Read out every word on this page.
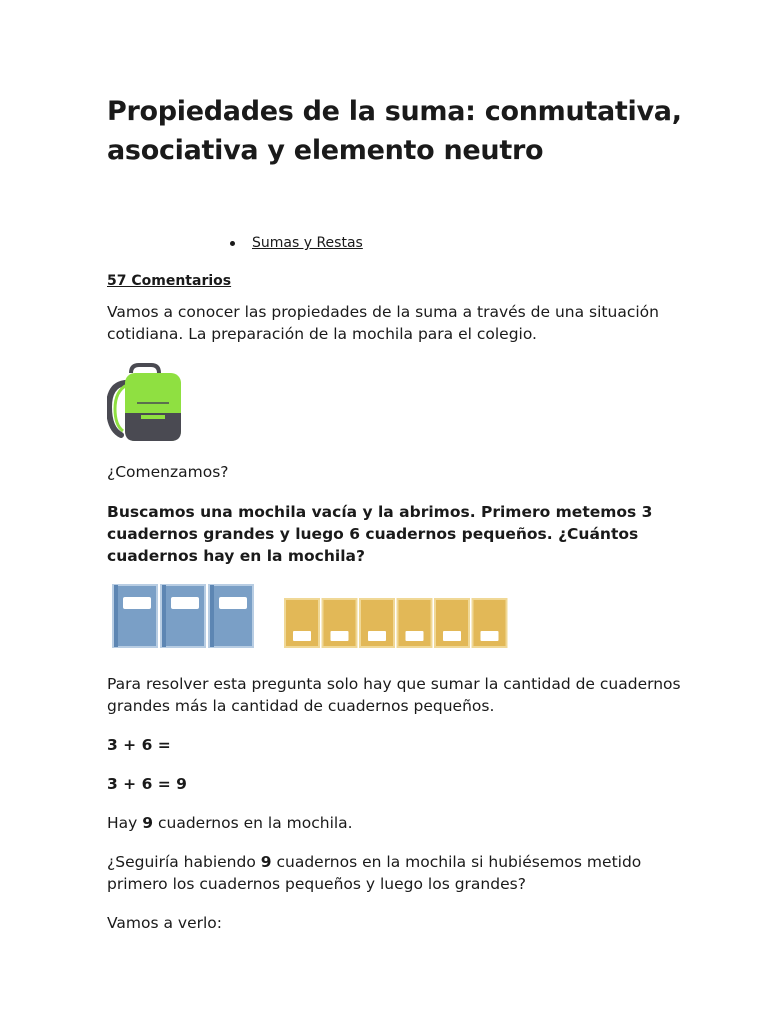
Propiedades de la suma: conmutativa, asociativa y elemento neutro
Sumas y Restas
57 Comentarios

Vamos a conocer las propiedades de la suma a través de una situación cotidiana. La preparación de la mochila para el colegio.

¿Comenzamos?

Buscamos una mochila vacía y la abrimos. Primero metemos 3 cuadernos grandes y luego 6 cuadernos pequeños. ¿Cuántos cuadernos hay en la mochila?

Para resolver esta pregunta solo hay que sumar la cantidad de cuadernos grandes más la cantidad de cuadernos pequeños.

3 + 6 =

3 + 6 = 9

Hay 9 cuadernos en la mochila.

¿Seguiría habiendo 9 cuadernos en la mochila si hubiésemos metido primero los cuadernos pequeños y luego los grandes?

Vamos a verlo:
